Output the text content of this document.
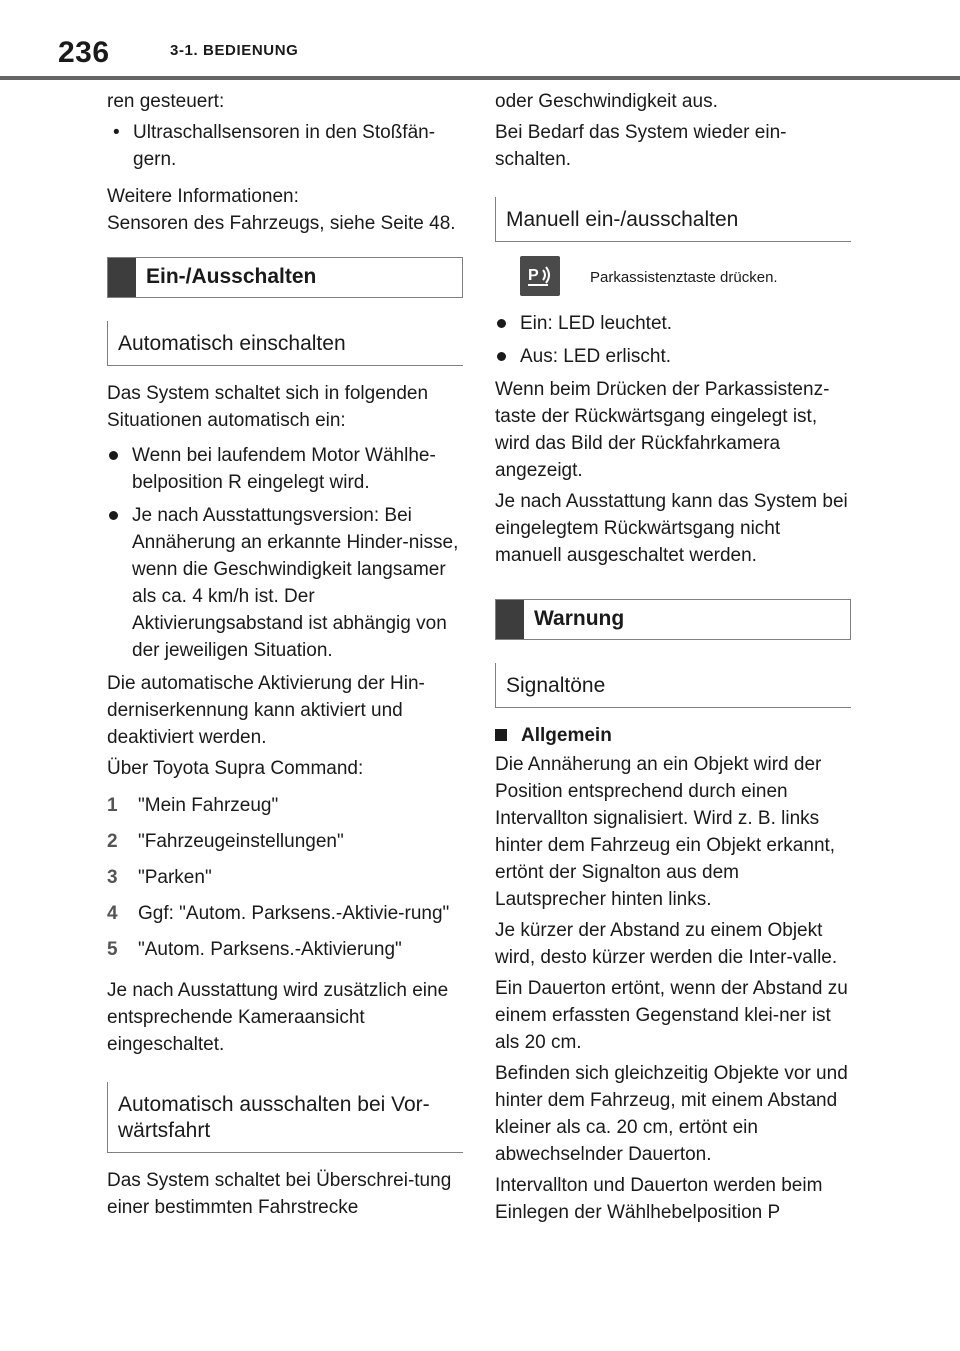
236	3-1. BEDIENUNG

ren gesteuert:

• Ultraschallsensoren in den Stoßfän-gern.

Weitere Informationen:

Sensoren des Fahrzeugs, siehe Seite 48.

Ein-/Ausschalten
Automatisch einschalten

Das System schaltet sich in folgenden Situationen automatisch ein:

Wenn bei laufendem Motor Wählhe-belposition R eingelegt wird.
Je nach Ausstattungsversion: Bei Annäherung an erkannte Hinder-nisse, wenn die Geschwindigkeit langsamer als ca. 4 km/h ist. Der Aktivierungsabstand ist abhängig von der jeweiligen Situation.

Die automatische Aktivierung der Hin-derniserkennung kann aktiviert und deaktiviert werden.

Über Toyota Supra Command:

1 "Mein Fahrzeug"
2 "Fahrzeugeinstellungen"
3 "Parken"
4 Ggf: "Autom. Parksens.-Aktivie-rung"
5 "Autom. Parksens.-Aktivierung"

Je nach Ausstattung wird zusätzlich eine entsprechende Kameraansicht eingeschaltet.

Automatisch ausschalten bei Vor-wärtsfahrt

Das System schaltet bei Überschrei-tung einer bestimmten Fahrstrecke

oder Geschwindigkeit aus.

Bei Bedarf das System wieder ein-schalten.

Manuell ein-/ausschalten
P	Parkassistenztaste drücken.
Ein: LED leuchtet.
Aus: LED erlischt.

Wenn beim Drücken der Parkassistenz-taste der Rückwärtsgang eingelegt ist, wird das Bild der Rückfahrkamera angezeigt.

Je nach Ausstattung kann das System bei eingelegtem Rückwärtsgang nicht manuell ausgeschaltet werden.

Warnung
Signaltöne
Allgemein

Die Annäherung an ein Objekt wird der Position entsprechend durch einen Intervallton signalisiert. Wird z. B. links hinter dem Fahrzeug ein Objekt erkannt, ertönt der Signalton aus dem Lautsprecher hinten links.

Je kürzer der Abstand zu einem Objekt wird, desto kürzer werden die Inter-valle.

Ein Dauerton ertönt, wenn der Abstand zu einem erfassten Gegenstand klei-ner ist als 20 cm.

Befinden sich gleichzeitig Objekte vor und hinter dem Fahrzeug, mit einem Abstand kleiner als ca. 20 cm, ertönt ein abwechselnder Dauerton.

Intervallton und Dauerton werden beim Einlegen der Wählhebelposition P
